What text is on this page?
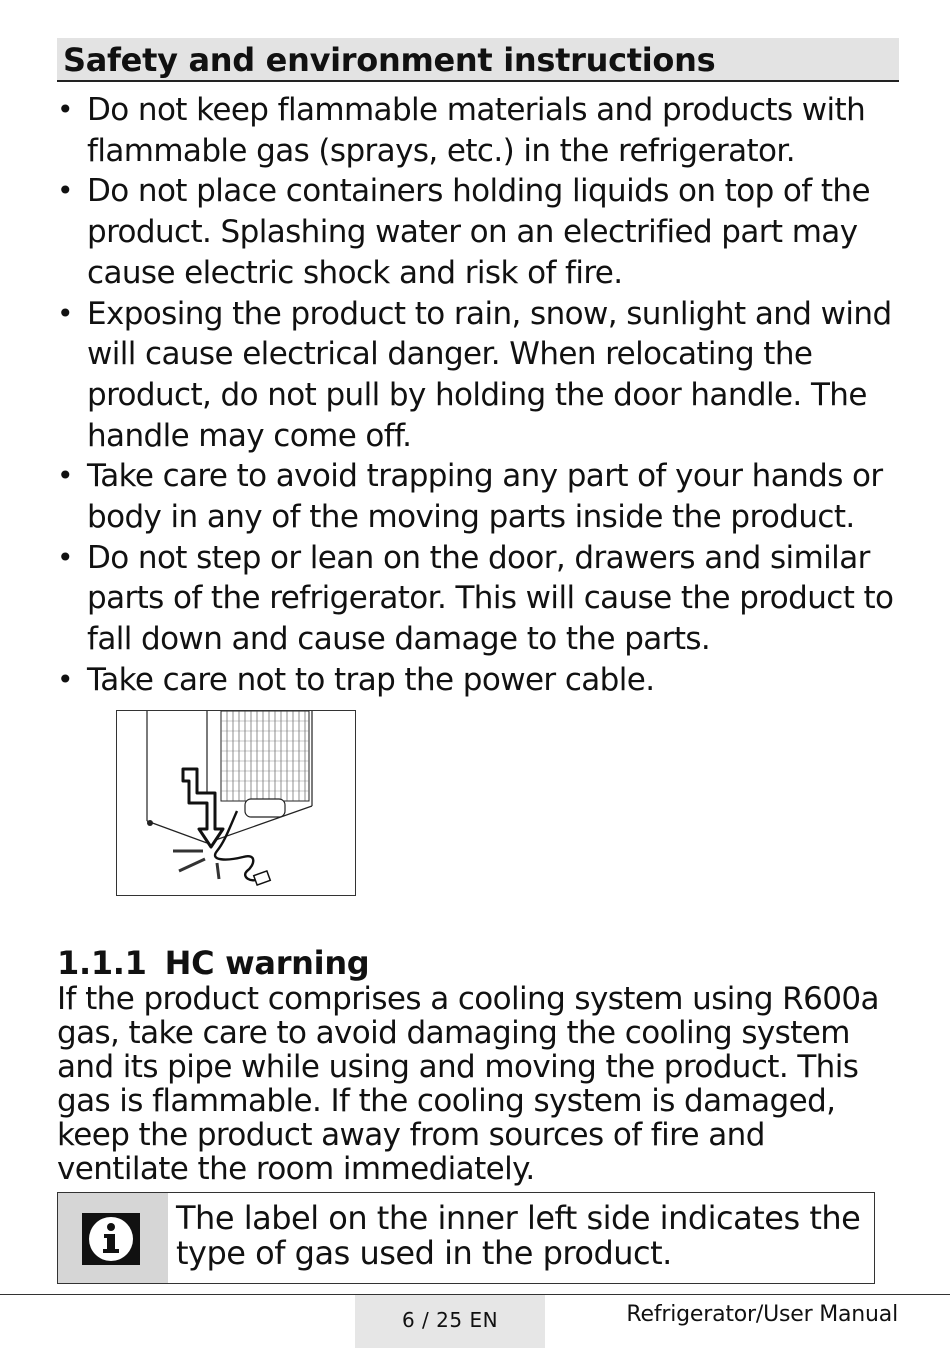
Safety and environment instructions
• Do not keep flammable materials and products with flammable gas (sprays, etc.) in the refrigerator.
• Do not place containers holding liquids on top of the product. Splashing water on an electrified part may cause electric shock and risk of fire.
• Exposing the product to rain, snow, sunlight and wind will cause electrical danger. When relocating the product, do not pull by holding the door handle. The handle may come off.
• Take care to avoid trapping any part of your hands or body in any of the moving parts inside the product.
• Do not step or lean on the door, drawers and similar parts of the refrigerator. This will cause the product to fall down and cause damage to the parts.
• Take care not to trap the power cable.
1.1.1 HC warning

If the product comprises a cooling system using R600a gas, take care to avoid damaging the cooling system and its pipe while using and moving the product. This gas is flammable. If the cooling system is damaged, keep the product away from sources of fire and ventilate the room immediately.

The label on the inner left side indicates the type of gas used in the product.
6 / 25 EN	Refrigerator/User Manual
